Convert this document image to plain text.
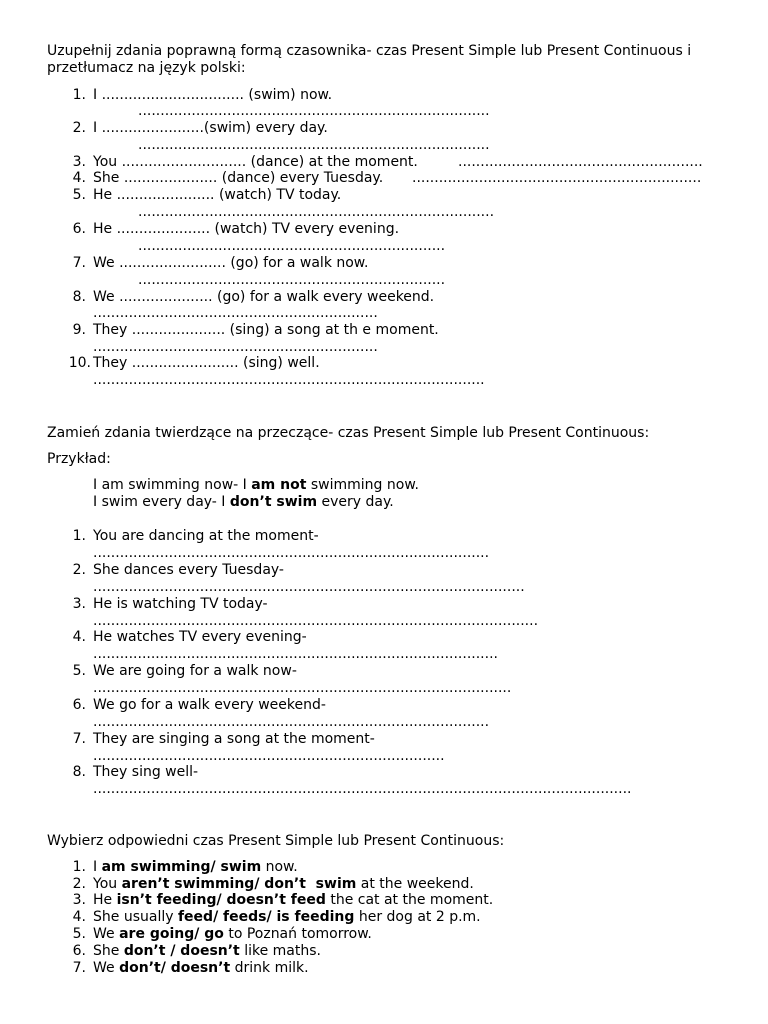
Uzupełnij zdania poprawną formą czasownika- czas Present Simple lub Present Continuous i
przetłumacz na język polski:
1. I ................................ (swim) now.
...............................................................................
2. I .......................(swim) every day.
...............................................................................
3. You ............................ (dance) at the moment.	.......................................................
4. She ..................... (dance) every Tuesday. .................................................................
5. He ...................... (watch) TV today.
................................................................................
6. He ..................... (watch) TV every evening.
.....................................................................
7. We ........................ (go) for a walk now.
.....................................................................
8. We ..................... (go) for a walk every weekend.
................................................................
9. They ..................... (sing) a song at th e moment.
................................................................
10. They ........................ (sing) well.
........................................................................................
Zamień zdania twierdzące na przeczące- czas Present Simple lub Present Continuous:
Przykład:
I am swimming now- I am not swimming now.
I swim every day- I don’t swim every day.
1. You are dancing at the moment-
.........................................................................................
2. She dances every Tuesday-
.................................................................................................
3. He is watching TV today-
....................................................................................................
4. He watches TV every evening-
...........................................................................................
5. We are going for a walk now-
..............................................................................................
6. We go for a walk every weekend-
.........................................................................................
7. They are singing a song at the moment-
...............................................................................
8. They sing well-
.........................................................................................................................
Wybierz odpowiedni czas Present Simple lub Present Continuous:
1. I am swimming/ swim now.
2. You aren’t swimming/ don’t  swim at the weekend.
3. He isn’t feeding/ doesn’t feed the cat at the moment.
4. She usually feed/ feeds/ is feeding her dog at 2 p.m.
5. We are going/ go to Poznań tomorrow.
6. She don’t / doesn’t like maths.
7. We don’t/ doesn’t drink milk.
